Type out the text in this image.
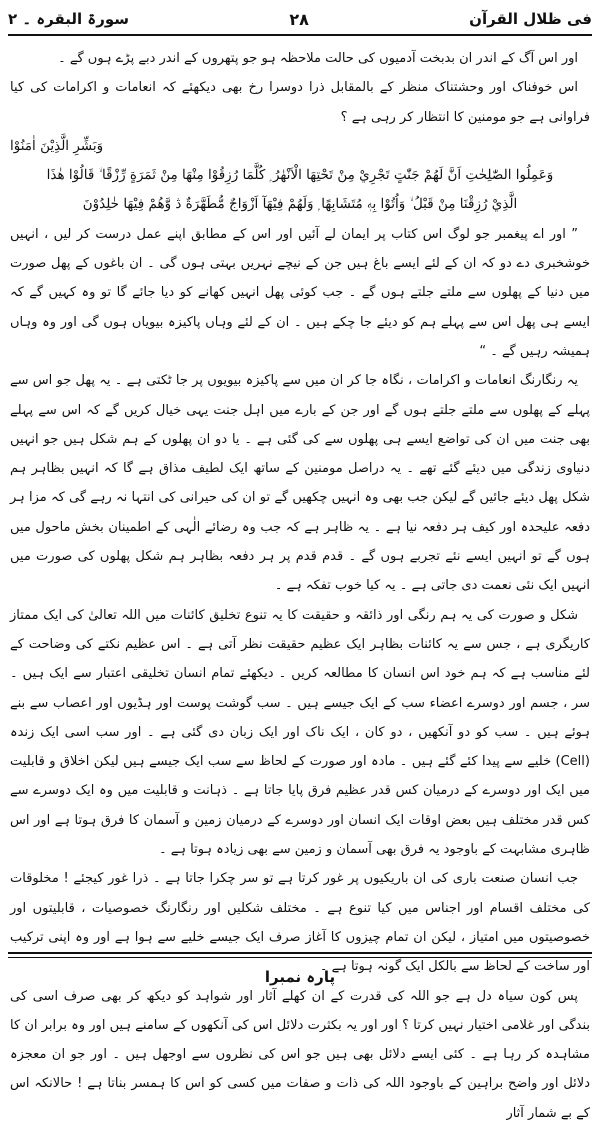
فی ظلال القرآن
٢٨
سورۃ البقرہ ۔ ٢

اور اس آگ کے اندر ان بدبخت آدمیوں کی حالت ملاحظہ ہو جو پتھروں کے اندر دبے پڑے ہوں گے ۔

اس خوفناک اور وحشتناک منظر کے بالمقابل ذرا دوسرا رخ بھی دیکھئے کہ انعامات و اکرامات کی کیا فراوانی ہے جو مومنین کا انتظار کر رہی ہے ؟

وَبَشِّرِ الَّذِيْنَ اٰمَنُوْا

وَعَمِلُوا الصّٰلِحٰتِ اَنَّ لَهُمْ جَنّٰتٍ تَجْرِيْ مِنْ تَحْتِهَا الْاَنْهٰرُ ۭ كُلَّمَا رُزِقُوْا مِنْهَا مِنْ ثَمَرَةٍ رِّزْقًا ۙ قَالُوْا ھٰذَا

الَّذِيْ رُزِقْنَا مِنْ قَبْلُ ۙ وَاُتُوْا بِهٖ مُتَشَابِهًا ۭ وَلَهُمْ فِيْهَآ اَزْوَاجٌ مُّطَهَّرَةٌ ڎ وَّھُمْ فِيْهَا خٰلِدُوْنَ

” اور اے پیغمبر جو لوگ اس کتاب پر ایمان لے آئیں اور اس کے مطابق اپنے عمل درست کر لیں ، انہیں خوشخبری دے دو کہ ان کے لئے ایسے باغ ہیں جن کے نیچے نہریں بہتی ہوں گی ۔ ان باغوں کے پھل صورت میں دنیا کے پھلوں سے ملتے جلتے ہوں گے ۔ جب کوئی پھل انہیں کھانے کو دیا جائے گا تو وہ کہیں گے کہ ایسے ہی پھل اس سے پہلے ہم کو دیئے جا چکے ہیں ۔ ان کے لئے وہاں پاکیزہ بیویاں ہوں گی اور وہ وہاں ہمیشہ رہیں گے ۔ “

یہ رنگارنگ انعامات و اکرامات ، نگاہ جا کر ان میں سے پاکیزہ بیویوں پر جا ٹکتی ہے ۔ یہ پھل جو اس سے پہلے کے پھلوں سے ملتے جلتے ہوں گے اور جن کے بارے میں اہل جنت یہی خیال کریں گے کہ اس سے پہلے بھی جنت میں ان کی تواضع ایسے ہی پھلوں سے کی گئی ہے ۔ یا دو ان پھلوں کے ہم شکل ہیں جو انہیں دنیاوی زندگی میں دیئے گئے تھے ۔ یہ دراصل مومنین کے ساتھ ایک لطیف مذاق ہے گا کہ انہیں بظاہر ہم شکل پھل دیئے جائیں گے لیکن جب بھی وہ انہیں چکھیں گے تو ان کی حیرانی کی انتہا نہ رہے گی کہ مزا ہر دفعہ علیحدہ اور کیف ہر دفعہ نیا ہے ۔ یہ ظاہر ہے کہ جب وہ رضائے الٰہی کے اطمینان بخش ماحول میں ہوں گے تو انہیں ایسے نئے تجربے ہوں گے ۔ قدم قدم پر ہر دفعہ بظاہر ہم شکل پھلوں کی صورت میں انہیں ایک نئی نعمت دی جاتی ہے ۔ یہ کیا خوب تفکہ ہے ۔

شکل و صورت کی یہ ہم رنگی اور ذائقہ و حقیقت کا یہ تنوع تخلیق کائنات میں اللہ تعالیٰ کی ایک ممتاز کاریگری ہے ، جس سے یہ کائنات بظاہر ایک عظیم حقیقت نظر آتی ہے ۔ اس عظیم نکتے کی وضاحت کے لئے مناسب ہے کہ ہم خود اس انسان کا مطالعہ کریں ۔ دیکھئے تمام انسان تخلیقی اعتبار سے ایک ہیں ۔ سر ، جسم اور دوسرے اعضاء سب کے ایک جیسے ہیں ۔ سب گوشت پوست اور ہڈیوں اور اعصاب سے بنے ہوئے ہیں ۔ سب کو دو آنکھیں ، دو کان ، ایک ناک اور ایک زبان دی گئی ہے ۔ اور سب اسی ایک زندہ (Cell) خلیے سے پیدا کئے گئے ہیں ۔ مادہ اور صورت کے لحاظ سے سب ایک جیسے ہیں لیکن اخلاق و قابلیت میں ایک اور دوسرے کے درمیان کس قدر عظیم فرق پایا جاتا ہے ۔ ذہانت و قابلیت میں وہ ایک دوسرے سے کس قدر مختلف ہیں بعض اوقات ایک انسان اور دوسرے کے درمیان زمین و آسمان کا فرق ہوتا ہے اور اس ظاہری مشابہت کے باوجود یہ فرق بھی آسمان و زمین سے بھی زیادہ ہوتا ہے ۔

جب انسان صنعت باری کی ان باریکیوں پر غور کرتا ہے تو سر چکرا جاتا ہے ۔ ذرا غور کیجئے ! مخلوقات کی مختلف اقسام اور اجناس میں کیا تنوع ہے ۔ مختلف شکلیں اور رنگارنگ خصوصیات ، قابلیتوں اور خصوصیتوں میں امتیاز ، لیکن ان تمام چیزوں کا آغاز صرف ایک جیسے خلیے سے ہوا ہے اور وہ اپنی ترکیب اور ساخت کے لحاظ سے بالکل ایک گونہ ہوتا ہے ۔

پس کون سیاہ دل ہے جو اللہ کی قدرت کے ان کھلے آثار اور شواہد کو دیکھ کر بھی صرف اسی کی بندگی اور غلامی اختیار نہیں کرتا ؟ اور اور یہ بکثرت دلائل اس کی آنکھوں کے سامنے ہیں اور وہ برابر ان کا مشاہدہ کر رہا ہے ۔ کئی ایسے دلائل بھی ہیں جو اس کی نظروں سے اوجھل ہیں ۔ اور جو ان معجزہ دلائل اور واضح براہین کے باوجود اللہ کی ذات و صفات میں کسی کو اس کا ہمسر بناتا ہے ! حالانکہ اس کے بے شمار آثار

پارہ نمبرا
